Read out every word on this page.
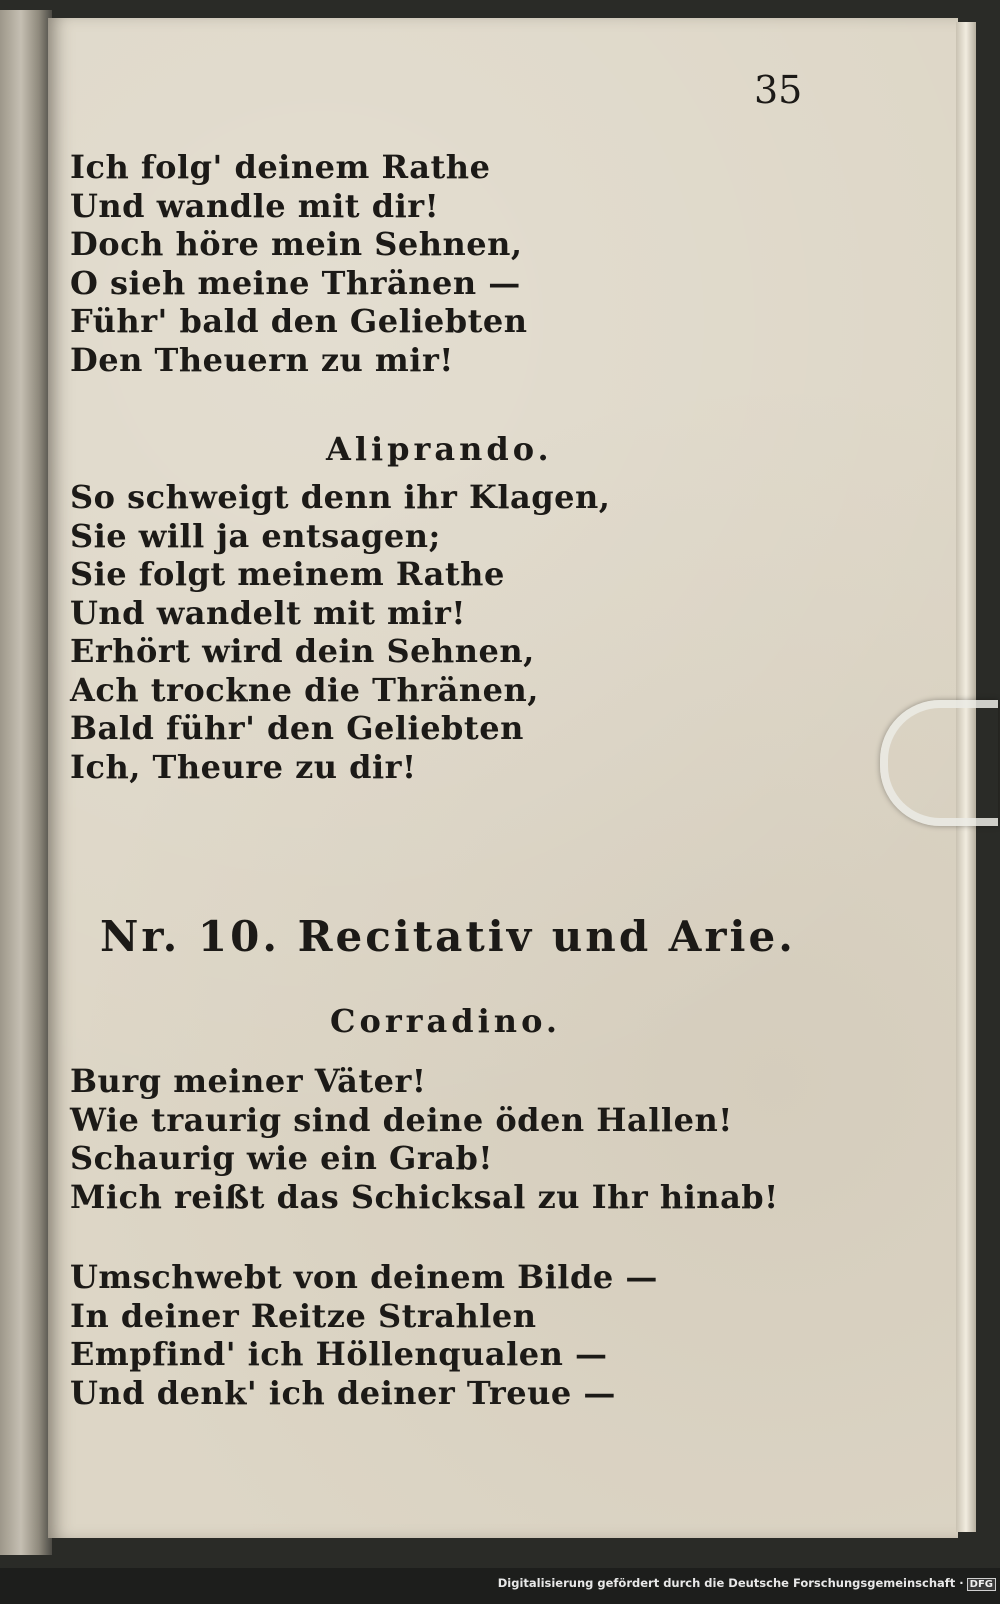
35
Ich folg' deinem Rathe
Und wandle mit dir!
Doch höre mein Sehnen,
O sieh meine Thränen —
Führ' bald den Geliebten
Den Theuern zu mir!
Aliprando.
So schweigt denn ihr Klagen,
Sie will ja entsagen;
Sie folgt meinem Rathe
Und wandelt mit mir!
Erhört wird dein Sehnen,
Ach trockne die Thränen,
Bald führ' den Geliebten
Ich, Theure zu dir!
Nr. 10. Recitativ und Arie.
Corradino.
Burg meiner Väter!
Wie traurig sind deine öden Hallen!
Schaurig wie ein Grab!
Mich reißt das Schicksal zu Ihr hinab!
Umschwebt von deinem Bilde —
In deiner Reitze Strahlen
Empfind' ich Höllenqualen —
Und denk' ich deiner Treue —
Digitalisierung gefördert durch die Deutsche Forschungsgemeinschaft · DFG
